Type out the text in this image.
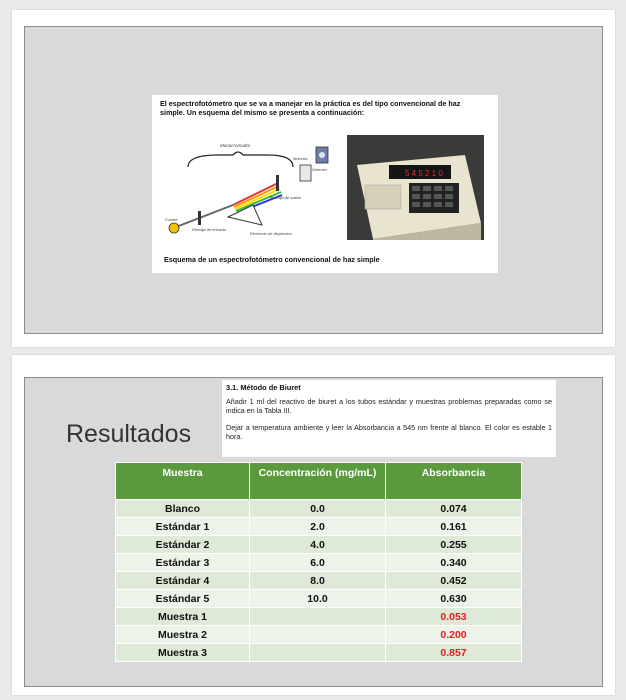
El espectrofotómetro que se va a manejar en la práctica es del tipo convencional de haz simple. Un esquema del mismo se presenta a continuación:
Monocromador
Fuente
Muestra
Detector
Rendija de salida
Rendija de entrada
Elemento de dispersión
5 4 5 2 1 0
Esquema de un espectrofotómetro convencional de haz simple
Resultados
3.1. Método de Biuret
Añadir 1 ml del reactivo de biuret a los tubos estándar y muestras problemas preparadas como se indica en la Tabla III.
Dejar a temperatura ambiente y leer la Absorbancia a 545 nm frente al blanco. El color es estable 1 hora.
Muestra	Concentración (mg/mL)	Absorbancia
Blanco	0.0	0.074
Estándar 1	2.0	0.161
Estándar 2	4.0	0.255
Estándar 3	6.0	0.340
Estándar 4	8.0	0.452
Estándar 5	10.0	0.630
Muestra 1		0.053
Muestra 2		0.200
Muestra 3		0.857
